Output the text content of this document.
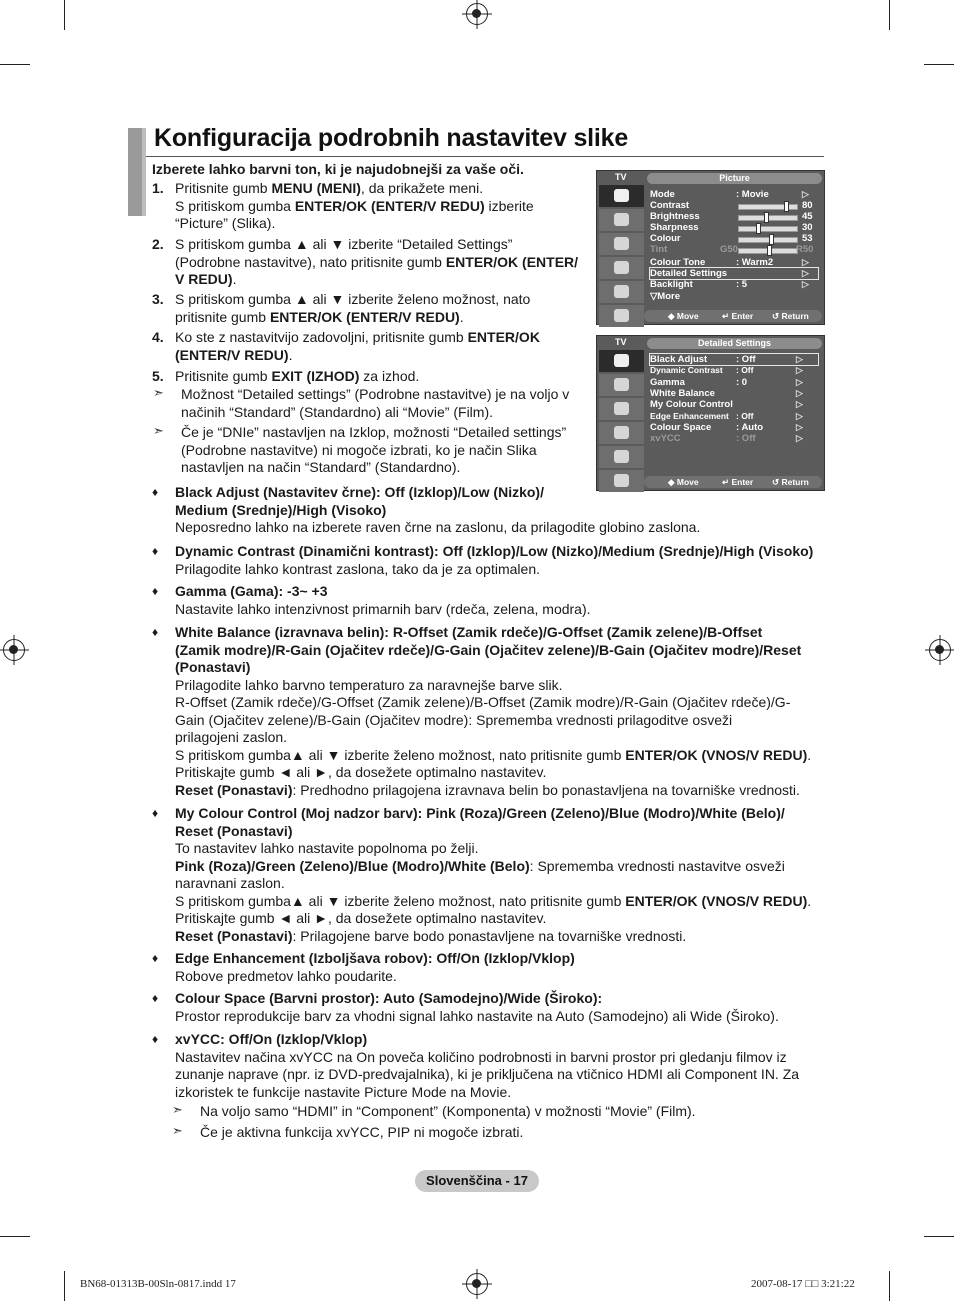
Konfiguracija podrobnih nastavitev slike
Izberete lahko barvni ton, ki je najudobnejši za vaše oči.
1. Pritisnite gumb MENU (MENI), da prikažete meni.
S pritiskom gumba ENTER/OK (ENTER/V REDU) izberite
“Picture” (Slika).
2. S pritiskom gumba ▲ ali ▼ izberite “Detailed Settings”
(Podrobne nastavitve), nato pritisnite gumb ENTER/OK (ENTER/
V REDU).
3. S pritiskom gumba ▲ ali ▼ izberite želeno možnost, nato
pritisnite gumb ENTER/OK (ENTER/V REDU).
4. Ko ste z nastavitvijo zadovoljni, pritisnite gumb ENTER/OK
(ENTER/V REDU).
5. Pritisnite gumb EXIT (IZHOD) za izhod.
➣ Možnost “Detailed settings” (Podrobne nastavitve) je na voljo v
načinih “Standard” (Standardno) ali “Movie” (Film).
➣ Če je “DNIe” nastavljen na Izklop, možnosti “Detailed settings”
(Podrobne nastavitve) ni mogoče izbrati, ko je način Slika
nastavljen na način “Standard” (Standardno).
♦ Black Adjust (Nastavitev črne): Off (Izklop)/Low (Nizko)/
Medium (Srednje)/High (Visoko)
Neposredno lahko na izberete raven črne na zaslonu, da prilagodite globino zaslona.
♦ Dynamic Contrast (Dinamični kontrast): Off (Izklop)/Low (Nizko)/Medium (Srednje)/High (Visoko)
Prilagodite lahko kontrast zaslona, tako da je za optimalen.
♦ Gamma (Gama): -3~ +3
Nastavite lahko intenzivnost primarnih barv (rdeča, zelena, modra).
♦ White Balance (izravnava belin): R-Offset (Zamik rdeče)/G-Offset (Zamik zelene)/B-Offset
(Zamik modre)/R-Gain (Ojačitev rdeče)/G-Gain (Ojačitev zelene)/B-Gain (Ojačitev modre)/Reset
(Ponastavi)
Prilagodite lahko barvno temperaturo za naravnejše barve slik.
R-Offset (Zamik rdeče)/G-Offset (Zamik zelene)/B-Offset (Zamik modre)/R-Gain (Ojačitev rdeče)/G-
Gain (Ojačitev zelene)/B-Gain (Ojačitev modre): Sprememba vrednosti prilagoditve osveži
prilagojeni zaslon.
S pritiskom gumba▲ ali ▼ izberite želeno možnost, nato pritisnite gumb ENTER/OK (VNOS/V REDU).
Pritiskajte gumb ◄ ali ►, da dosežete optimalno nastavitev.
Reset (Ponastavi): Predhodno prilagojena izravnava belin bo ponastavljena na tovarniške vrednosti.
♦ My Colour Control (Moj nadzor barv): Pink (Roza)/Green (Zeleno)/Blue (Modro)/White (Belo)/
Reset (Ponastavi)
To nastavitev lahko nastavite popolnoma po želji.
Pink (Roza)/Green (Zeleno)/Blue (Modro)/White (Belo): Sprememba vrednosti nastavitve osveži
naravnani zaslon.
S pritiskom gumba▲ ali ▼ izberite želeno možnost, nato pritisnite gumb ENTER/OK (VNOS/V REDU).
Pritiskajte gumb ◄ ali ►, da dosežete optimalno nastavitev.
Reset (Ponastavi): Prilagojene barve bodo ponastavljene na tovarniške vrednosti.
♦ Edge Enhancement (Izboljšava robov): Off/On (Izklop/Vklop)
Robove predmetov lahko poudarite.
♦ Colour Space (Barvni prostor): Auto (Samodejno)/Wide (Široko):
Prostor reprodukcije barv za vhodni signal lahko nastavite na Auto (Samodejno) ali Wide (Široko).
♦ xvYCC: Off/On (Izklop/Vklop)
Nastavitev načina xvYCC na On poveča količino podrobnosti in barvni prostor pri gledanju filmov iz
zunanje naprave (npr. iz DVD-predvajalnika), ki je priključena na vtičnico HDMI ali Component IN. Za
izkoristek te funkcije nastavite Picture Mode na Movie.
➣ Na voljo samo “HDMI” in “Component” (Komponenta) v možnosti “Movie” (Film).
➣ Če je aktivna funkcija xvYCC, PIP ni mogoče izbrati.
TV	Picture
Mode	: Movie	▷
Contrast	80
Brightness	45
Sharpness	30
Colour	53
Tint	G50	R50
Colour Tone	: Warm2	▷
Detailed Settings	▷
Backlight	: 5	▷
▽More
◆ Move	↵ Enter ↺ Return
TV	Detailed Settings
Black Adjust	: Off	▷
Dynamic Contrast : Off	▷
Gamma	: 0	▷
White Balance	▷
My Colour Control	▷
Edge Enhancement : Off	▷
Colour Space	: Auto	▷
xvYCC	: Off	▷
◆ Move	↵ Enter ↺ Return
Slovenščina - 17
BN68-01313B-00Sln-0817.indd 17	2007-08-17 □□ 3:21:22
